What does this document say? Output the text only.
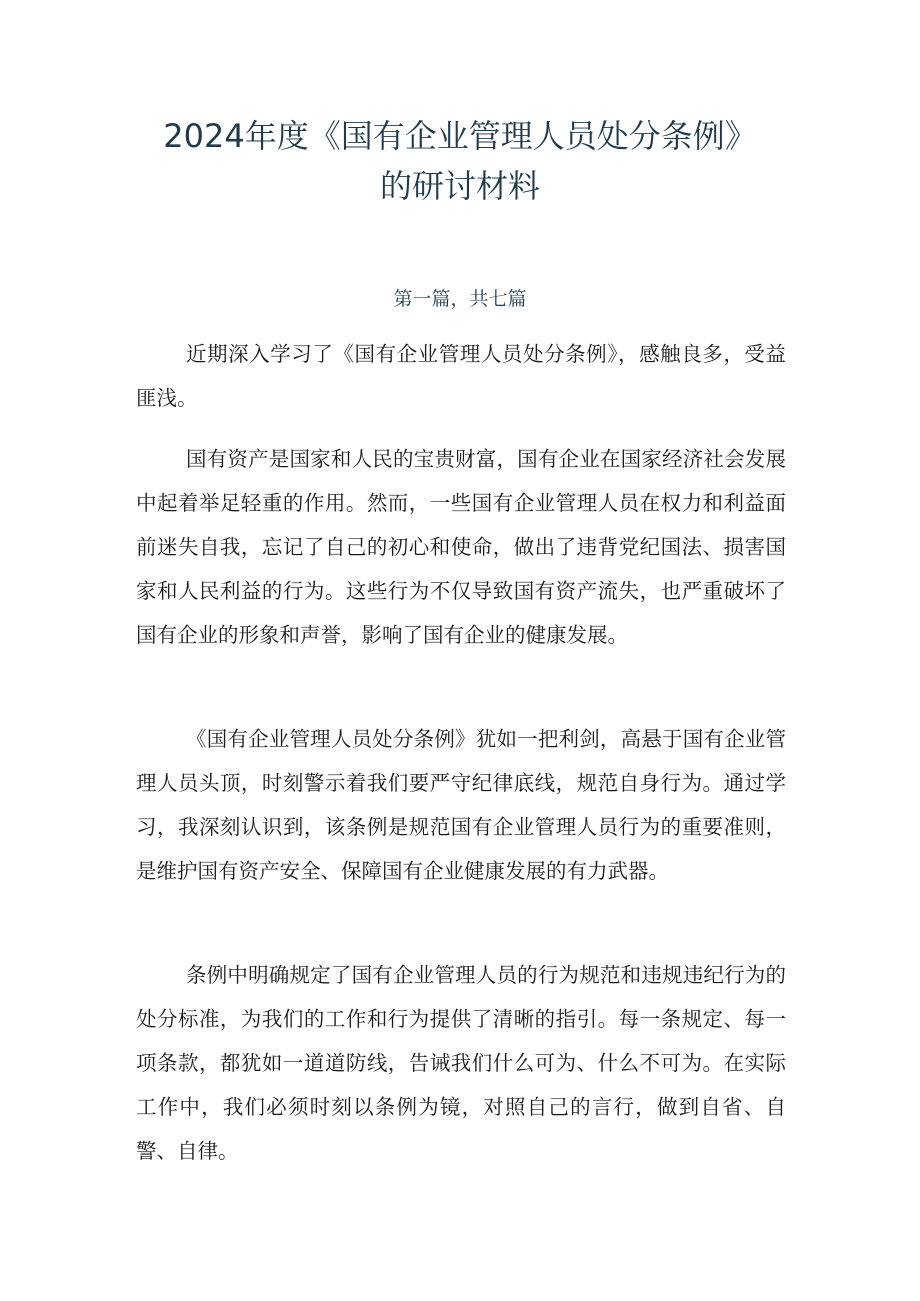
2024年度《国有企业管理人员处分条例》
的研讨材料

第一篇，共七篇

近期深入学习了《国有企业管理人员处分条例》，感触良多，受益匪浅。

国有资产是国家和人民的宝贵财富，国有企业在国家经济社会发展中起着举足轻重的作用。然而，一些国有企业管理人员在权力和利益面前迷失自我，忘记了自己的初心和使命，做出了违背党纪国法、损害国家和人民利益的行为。这些行为不仅导致国有资产流失，也严重破坏了国有企业的形象和声誉，影响了国有企业的健康发展。

《国有企业管理人员处分条例》犹如一把利剑，高悬于国有企业管理人员头顶，时刻警示着我们要严守纪律底线，规范自身行为。通过学习，我深刻认识到，该条例是规范国有企业管理人员行为的重要准则，是维护国有资产安全、保障国有企业健康发展的有力武器。

条例中明确规定了国有企业管理人员的行为规范和违规违纪行为的处分标准，为我们的工作和行为提供了清晰的指引。每一条规定、每一项条款，都犹如一道道防线，告诫我们什么可为、什么不可为。在实际工作中，我们必须时刻以条例为镜，对照自己的言行，做到自省、自警、自律。
